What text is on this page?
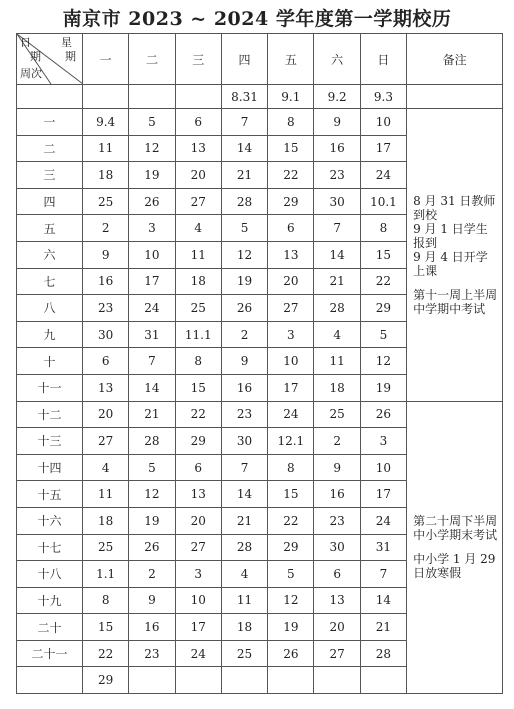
南京市 2023 ~ 2024 学年度第一学期校历
日 星
期 期
周次	一	二	三	四	五	六	日	备注
				8.31	9.1	9.2	9.3	
一	9.4	5	6	7	8	9	10	8 月 31 日教师到校
9 月 1 日学生报到
9 月 4 日开学上课
第十一周上半周中学期中考试

二	11	12	13	14	15	16	17	
三	18	19	20	21	22	23	24	
四	25	26	27	28	29	30	10.1	
五	2	3	4	5	6	7	8	
六	9	10	11	12	13	14	15	
七	16	17	18	19	20	21	22	
八	23	24	25	26	27	28	29	
九	30	31	11.1	2	3	4	5	
十	6	7	8	9	10	11	12	
十一	13	14	15	16	17	18	19	
十二	20	21	22	23	24	25	26	第二十周下半周中小学期末考试
中小学 1 月 29 日放寒假

十三	27	28	29	30	12.1	2	3	
十四	4	5	6	7	8	9	10	
十五	11	12	13	14	15	16	17	
十六	18	19	20	21	22	23	24	
十七	25	26	27	28	29	30	31	
十八	1.1	2	3	4	5	6	7	
十九	8	9	10	11	12	13	14	
二十	15	16	17	18	19	20	21	
二十一	22	23	24	25	26	27	28	
	29							
